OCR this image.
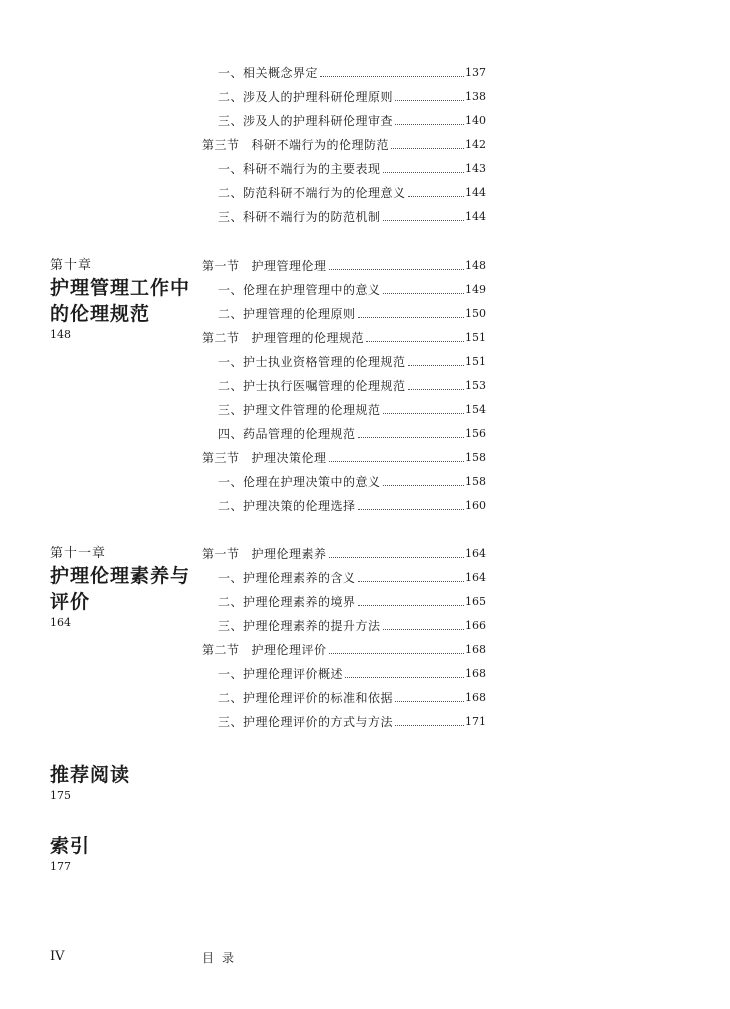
一、相关概念界定	137
二、涉及人的护理科研伦理原则	138
三、涉及人的护理科研伦理审查	140
第三节 科研不端行为的伦理防范	142
一、科研不端行为的主要表现	143
二、防范科研不端行为的伦理意义	144
三、科研不端行为的防范机制	144
第一节 护理管理伦理	148
一、伦理在护理管理中的意义	149
二、护理管理的伦理原则	150
第二节 护理管理的伦理规范	151
一、护士执业资格管理的伦理规范	151
二、护士执行医嘱管理的伦理规范	153
三、护理文件管理的伦理规范	154
四、药品管理的伦理规范	156
第三节 护理决策伦理	158
一、伦理在护理决策中的意义	158
二、护理决策的伦理选择	160
第一节 护理伦理素养	164
一、护理伦理素养的含义	164
二、护理伦理素养的境界	165
三、护理伦理素养的提升方法	166
第二节 护理伦理评价	168
一、护理伦理评价概述	168
二、护理伦理评价的标准和依据	168
三、护理伦理评价的方式与方法	171
第十章
护理管理工作中
的伦理规范
148
第十一章
护理伦理素养与
评价
164
推荐阅读
175
索引
177
IV	目录
